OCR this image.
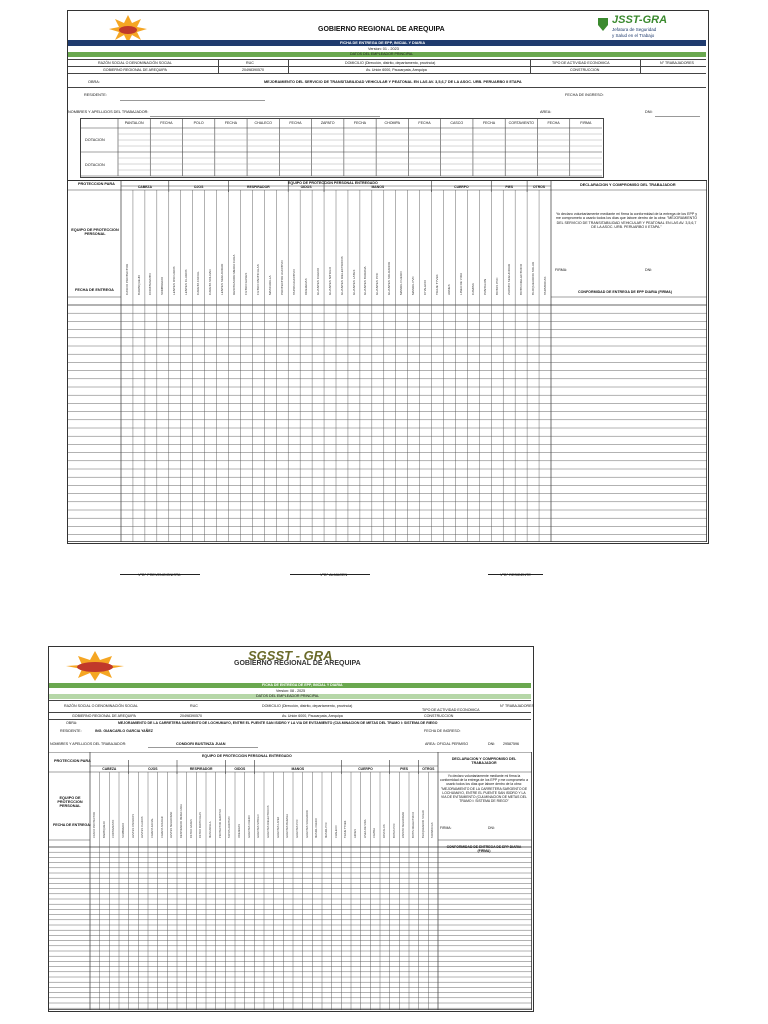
GOBIERNO REGIONAL DE AREQUIPA
JSST-GRA
Jefatura de Seguridad
y Salud en el Trabajo
FICHA DE ENTREGA DE EPP, INICIAL Y DIARIA
Version: 01 - 2023
DATOS DEL EMPLEADOR PRINCIPAL
RAZÓN SOCIAL O DENOMINACIÓN SOCIAL	RUC	DOMICILIO (Dirección, distrito, departamento, provincia)	TIPO DE ACTIVIDAD ECONOMICA	N° TRABAJADORES
GOBIERNO REGIONAL DE AREQUIPA	20498390570	Av. Unión 6000, Paucarpata, Arequipa	CONSTRUCCION
OBRA:	MEJORAMIENTO DEL SERVICIO DE TRANSITABILIDAD VEHICULAR Y PEATONAL EN LAS AV. 3,5,6,7 DE LA ASOC. URB. PERUARBO II ETAPA
RESIDENTE:	FECHA DE INGRESO:
NOMBRES Y APELLIDOS DEL TRABAJADOR:	AREA:	DNI:
PANTALON	FECHA	POLO	FECHA	CHALECO	FECHA	ZAPATO	FECHA	CHOMPA	FECHA	CASCO	FECHA	CORTAVIENTO	FECHA	FIRMA
DOTACION
DOTACION
PROTECCION PARA	EQUIPO DE PROTECCION PERSONAL ENTREGADO	DECLARACION Y COMPROMISO DEL TRABAJADOR
CABEZA	OJOS	RESPIRADOR	OIDOS	MANOS	CUERPO	PIES	OTROS
EQUIPO DE PROTECCION PERSONAL
FECHA DE ENTREGA
Yo declaro voluntariamente mediante mi firma la conformidad de la entrega de los EPP y me comprometo a usarlo todos los días que labore dentro de la obra: "MEJORAMIENTO DEL SERVICIO DE TRANSITABILIDAD VEHICULAR Y PEATONAL EN LAS AV. 3,5,6,7 DE LA ASOC. URB. PERUARBO II ETAPA."
FIRMA:	DNI:
CONFORMIDAD DE ENTREGA DE EPP DIARIA (FIRMA)
CASCO PROTECTOR	BARBIQUEJO	CORTAVIENTO	SOMBRERO	LENTES OSCUROS	LENTES CLAROS	CARETA FACIAL	CARETA SOLDAR	LENTES SEGURIDAD	RESPIRADOR MEDIA CARA	FILTRO GASES	FILTRO PARTICULAS	MASCARILLA	PROTECTOR AUDITIVO	TAPON AUDITIVO	OREJERAS	GUANTES CUERO	GUANTES NITRILO	GUANTES DIELECTRICOS	GUANTES LATEX	GUANTES BADANA	GUANTES PVC	GUANTES SOLDADOR	MANDIL CUERO	MANDIL PVC	CHALECO	TRAJE TYVEK	ARNES	LINEA DE VIDA	CAMISA	PANTALON	BOTAS PVC	ZAPATO SEGURIDAD	BOTIN DIELECTRICO	BLOQUEADOR SOLAR	TAPABOCAS
V°B° PREVENCIONISTA	V°B° ALMACEN	V°B° RESIDENTE
SGSST - GRA
GOBIERNO REGIONAL DE AREQUIPA
FICHA DE ENTREGA DE EPP, INICIAL Y DIARIA
Version: 08 - 2025
DATOS DEL EMPLEADOR PRINCIPAL
RAZÓN SOCIAL O DENOMINACIÓN SOCIAL	RUC	DOMICILIO (Dirección, distrito, departamento, provincia)
TIPO DE ACTIVIDAD ECONOMICA
N° TRABAJADORES
GOBIERNO REGIONAL DE AREQUIPA	20498390570	Av. Unión 6000, Paucarpata, Arequipa	CONSTRUCCION
OBRA:	MEJORAMIENTO DE LA CARRETERA SARGENTO DE LOCHUMAYO, ENTRE EL PUENTE SAN ISIDRO Y LA VIA DE EVITAMIENTO (CULMINACION DE METAS DEL TRAMO I: SISTEMA DE RIEGO
RESIDENTE:	ING. GIANCARLO GARCIA YAÑEZ	FECHA DE INGRESO:
NOMBRES Y APELLIDOS DEL TRABAJADOR:	CONDORI BUSTINZA JUAN	AREA: OFICIAL PERMISO	DNI: 29587596
PROTECCION PARA
EQUIPO DE PROTECCION PERSONAL ENTREGADO
DECLARACION Y COMPROMISO DEL TRABAJADOR
CABEZA	OJOS	RESPIRADOR	OIDOS	MANOS	CUERPO	PIES	OTROS
EQUIPO DE PROTECCION PERSONAL
FECHA DE ENTREGA:
Yo declaro voluntariamente mediante mi firma la conformidad de la entrega de los EPP y me comprometo a usarlo todos los días que labore dentro de la obra: "MEJORAMIENTO DE LA CARRETERA SARGENTO DE LOCHUMAYO, ENTRE EL PUENTE SAN ISIDRO Y LA VIA DE EVITAMIENTO (CULMINACION DE METAS DEL TRAMO I: SISTEMA DE RIEGO"
FIRMA:	DNI:
CONFORMIDAD DE ENTREGA DE EPP DIARIA (FIRMA)
CASCO PROTECTOR	BARBIQUEJO	CORTAVIENTO	SOMBRERO	LENTES OSCUROS	LENTES CLAROS	CARETA FACIAL	CARETA SOLDAR	LENTES SEGURIDAD	RESPIRADOR MEDIA CARA	FILTRO GASES	FILTRO PARTICULAS	MASCARILLA	PROTECTOR AUDITIVO	TAPON AUDITIVO	OREJERAS	GUANTES CUERO	GUANTES NITRILO	GUANTES DIELECTRICOS	GUANTES LATEX	GUANTES BADANA	GUANTES PVC	GUANTES SOLDADOR	MANDIL CUERO	MANDIL PVC	CHALECO	TRAJE TYVEK	ARNES	LINEA DE VIDA	CAMISA	PANTALON	BOTAS PVC	ZAPATO SEGURIDAD	BOTIN DIELECTRICO	BLOQUEADOR SOLAR	TAPABOCAS
